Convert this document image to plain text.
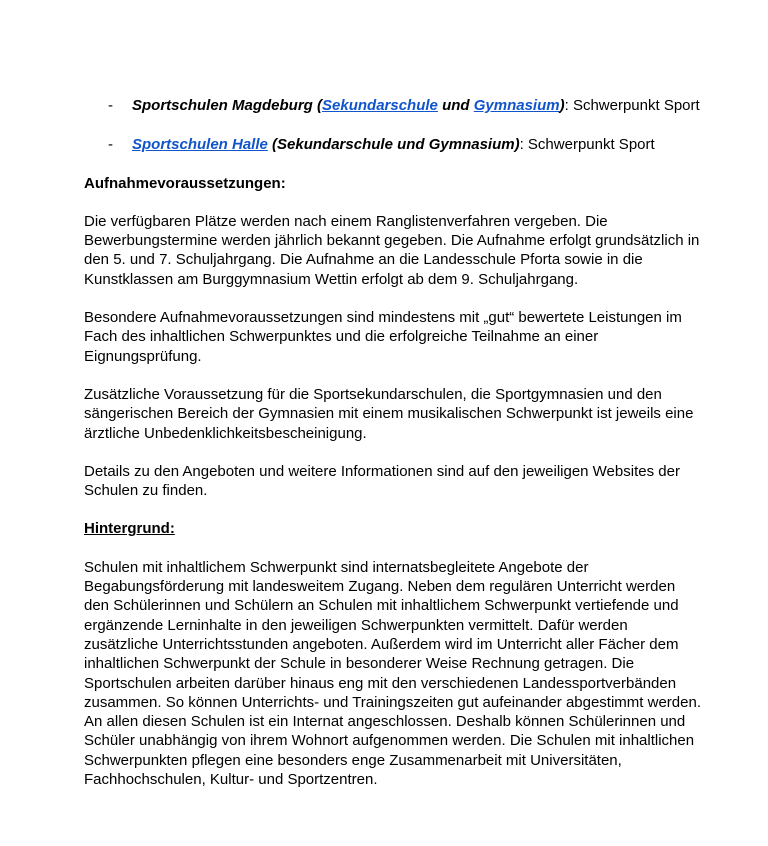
- Sportschulen Magdeburg (Sekundarschule und Gymnasium): Schwerpunkt Sport
- Sportschulen Halle (Sekundarschule und Gymnasium): Schwerpunkt Sport

Aufnahmevoraussetzungen:

Die verfügbaren Plätze werden nach einem Ranglistenverfahren vergeben. Die Bewerbungstermine werden jährlich bekannt gegeben. Die Aufnahme erfolgt grundsätzlich in den 5. und 7. Schuljahrgang. Die Aufnahme an die Landesschule Pforta sowie in die Kunstklassen am Burggymnasium Wettin erfolgt ab dem 9. Schuljahrgang.

Besondere Aufnahmevoraussetzungen sind mindestens mit „gut“ bewertete Leistungen im Fach des inhaltlichen Schwerpunktes und die erfolgreiche Teilnahme an einer Eignungsprüfung.

Zusätzliche Voraussetzung für die Sportsekundarschulen, die Sportgymnasien und den sängerischen Bereich der Gymnasien mit einem musikalischen Schwerpunkt ist jeweils eine ärztliche Unbedenklichkeitsbescheinigung.

Details zu den Angeboten und weitere Informationen sind auf den jeweiligen Websites der Schulen zu finden.

Hintergrund:

Schulen mit inhaltlichem Schwerpunkt sind internatsbegleitete Angebote der Begabungsförderung mit landesweitem Zugang. Neben dem regulären Unterricht werden den Schülerinnen und Schülern an Schulen mit inhaltlichem Schwerpunkt vertiefende und ergänzende Lerninhalte in den jeweiligen Schwerpunkten vermittelt. Dafür werden zusätzliche Unterrichtsstunden angeboten. Außerdem wird im Unterricht aller Fächer dem inhaltlichen Schwerpunkt der Schule in besonderer Weise Rechnung getragen. Die Sportschulen arbeiten darüber hinaus eng mit den verschiedenen Landessportverbänden zusammen. So können Unterrichts- und Trainingszeiten gut aufeinander abgestimmt werden. An allen diesen Schulen ist ein Internat angeschlossen. Deshalb können Schülerinnen und Schüler unabhängig von ihrem Wohnort aufgenommen werden. Die Schulen mit inhaltlichen Schwerpunkten pflegen eine besonders enge Zusammenarbeit mit Universitäten, Fachhochschulen, Kultur- und Sportzentren.
